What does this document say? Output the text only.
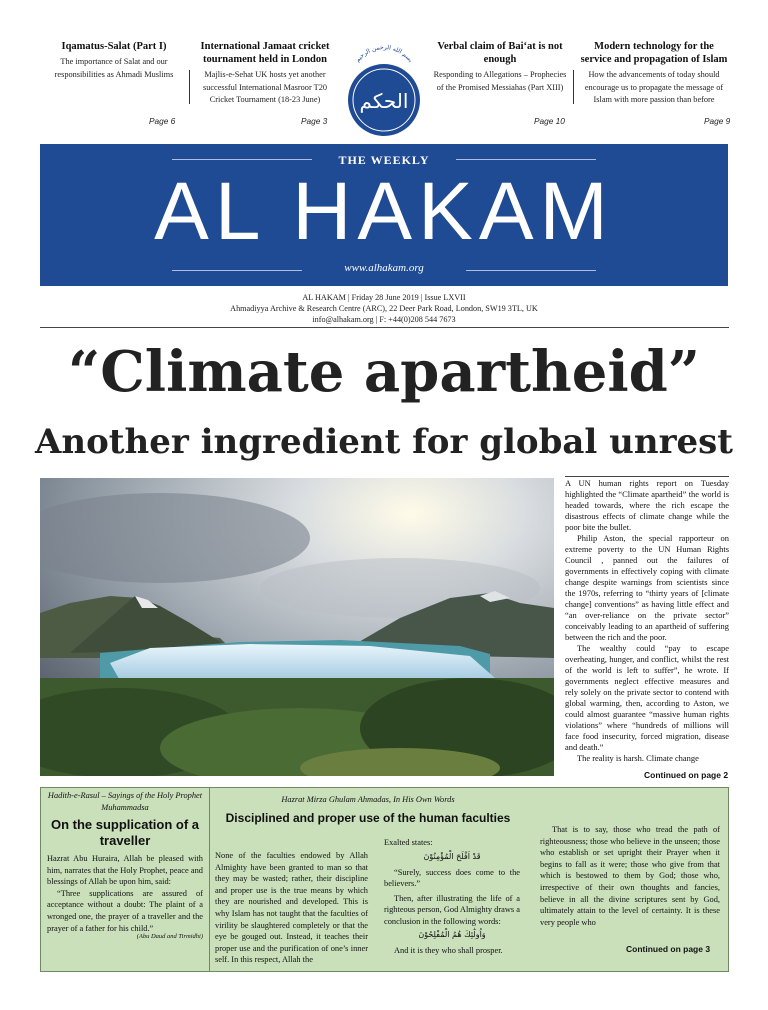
Iqamatus-Salat (Part I)

The importance of Salat and our responsibilities as Ahmadi Muslims

Page 6
International Jamaat cricket tournament held in London

Majlis-e-Sehat UK hosts yet another successful International Masroor T20 Cricket Tournament (18-23 June)

Page 3
بسم الله الرحمن الرحيم
الحكم
Verbal claim of Bai‘at is not enough

Responding to Allegations – Prophecies of the Promised Messiahas (Part XIII)

Page 10
Modern technology for the service and propagation of Islam

How the advancements of today should encourage us to propagate the message of Islam with more passion than before

Page 9
THE WEEKLY
AL HAKAM
www.alhakam.org
AL HAKAM | Friday 28 June 2019 | Issue LXVII
Ahmadiyya Archive & Research Centre (ARC), 22 Deer Park Road, London, SW19 3TL, UK
info@alhakam.org | F: +44(0)208 544 7673
“Climate apartheid”
Another ingredient for global unrest

A UN human rights report on Tuesday highlighted the “Climate apartheid” the world is headed towards, where the rich escape the disastrous effects of climate change while the poor bite the bullet.

Philip Aston, the special rapporteur on extreme poverty to the UN Human Rights Council , panned out the failures of governments in effectively coping with climate change despite warnings from scientists since the 1970s, referring to “thirty years of [climate change] conventions” as having little effect and “an over-reliance on the private sector” conceivably leading to an apartheid of suffering between the rich and the poor.

The wealthy could “pay to escape overheating, hunger, and conflict, whilst the rest of the world is left to suffer”, he wrote. If governments neglect effective measures and rely solely on the private sector to contend with global warming, then, according to Aston, we could almost guarantee “massive human rights violations” where “hundreds of millions will face food insecurity, forced migration, disease and death.”

The reality is harsh. Climate change

Continued on page 2
Hadith-e-Rasul – Sayings of the Holy Prophet Muhammadsa
On the supplication of a traveller

Hazrat Abu Huraira, Allah be pleased with him, narrates that the Holy Prophet, peace and blessings of Allah be upon him, said:

“Three supplications are assured of acceptance without a doubt: The plaint of a wronged one, the prayer of a traveller and the prayer of a father for his child.”

(Abu Daud and Tirmidhi)
Hazrat Mirza Ghulam Ahmadas, In His Own Words
Disciplined and proper use of the human faculties
None of the faculties endowed by Allah Almighty have been granted to man so that they may be wasted; rather, their discipline and proper use is the true means by which they are nourished and developed. This is why Islam has not taught that the faculties of virility be slaughtered completely or that the eye be gouged out. Instead, it teaches their proper use and the purification of one’s inner self. In this respect, Allah the

Exalted states:

قَدْ اَفْلَحَ الْمُؤْمِنُوْنَ

“Surely, success does come to the believers.”

Then, after illustrating the life of a righteous person, God Almighty draws a conclusion in the following words:

وَاُولٰٓئِكَ هُمُ الْمُفْلِحُوْنَ

And it is they who shall prosper.

That is to say, those who tread the path of righteousness; those who believe in the unseen; those who establish or set upright their Prayer when it begins to fall as it were; those who give from that which is bestowed to them by God; those who, irrespective of their own thoughts and fancies, believe in all the divine scriptures sent by God, ultimately attain to the level of certainty. It is these very people who
Continued on page 3
